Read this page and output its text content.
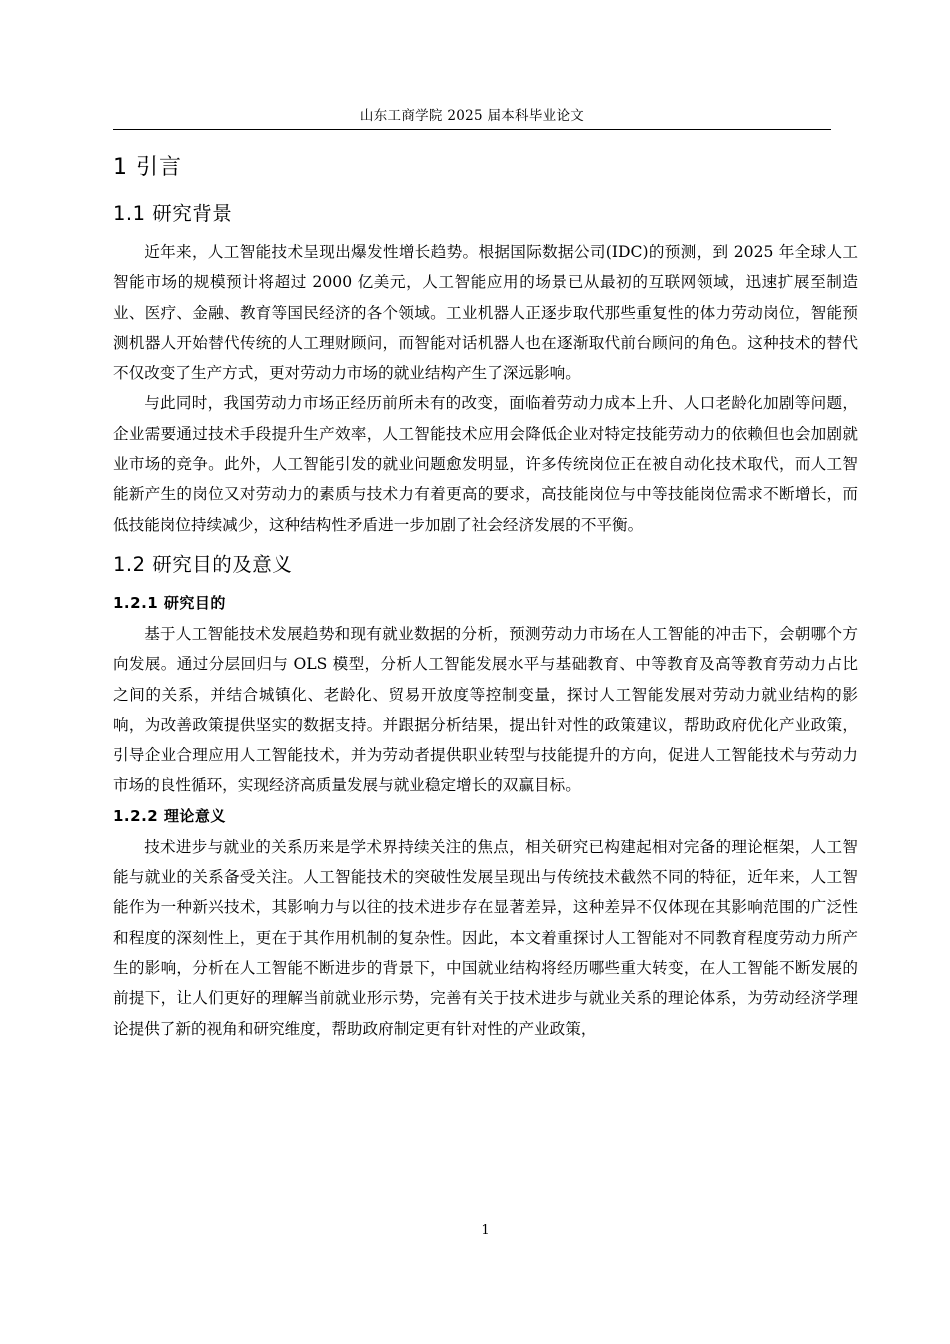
山东工商学院 2025 届本科毕业论文
1 引言
1.1 研究背景

近年来，人工智能技术呈现出爆发性增长趋势。根据国际数据公司(IDC)的预测，到 2025 年全球人工智能市场的规模预计将超过 2000 亿美元，人工智能应用的场景已从最初的互联网领域，迅速扩展至制造业、医疗、金融、教育等国民经济的各个领域。工业机器人正逐步取代那些重复性的体力劳动岗位，智能预测机器人开始替代传统的人工理财顾问，而智能对话机器人也在逐渐取代前台顾问的角色。这种技术的替代不仅改变了生产方式，更对劳动力市场的就业结构产生了深远影响。

与此同时，我国劳动力市场正经历前所未有的改变，面临着劳动力成本上升、人口老龄化加剧等问题，企业需要通过技术手段提升生产效率，人工智能技术应用会降低企业对特定技能劳动力的依赖但也会加剧就业市场的竞争。此外，人工智能引发的就业问题愈发明显，许多传统岗位正在被自动化技术取代，而人工智能新产生的岗位又对劳动力的素质与技术力有着更高的要求，高技能岗位与中等技能岗位需求不断增长，而低技能岗位持续减少，这种结构性矛盾进一步加剧了社会经济发展的不平衡。

1.2 研究目的及意义
1.2.1 研究目的

基于人工智能技术发展趋势和现有就业数据的分析，预测劳动力市场在人工智能的冲击下，会朝哪个方向发展。通过分层回归与 OLS 模型，分析人工智能发展水平与基础教育、中等教育及高等教育劳动力占比之间的关系，并结合城镇化、老龄化、贸易开放度等控制变量，探讨人工智能发展对劳动力就业结构的影响，为改善政策提供坚实的数据支持。并跟据分析结果，提出针对性的政策建议，帮助政府优化产业政策，引导企业合理应用人工智能技术，并为劳动者提供职业转型与技能提升的方向，促进人工智能技术与劳动力市场的良性循环，实现经济高质量发展与就业稳定增长的双赢目标。

1.2.2 理论意义

技术进步与就业的关系历来是学术界持续关注的焦点，相关研究已构建起相对完备的理论框架，人工智能与就业的关系备受关注。人工智能技术的突破性发展呈现出与传统技术截然不同的特征，近年来，人工智能作为一种新兴技术，其影响力与以往的技术进步存在显著差异，这种差异不仅体现在其影响范围的广泛性和程度的深刻性上，更在于其作用机制的复杂性。因此，本文着重探讨人工智能对不同教育程度劳动力所产生的影响，分析在人工智能不断进步的背景下，中国就业结构将经历哪些重大转变，在人工智能不断发展的前提下，让人们更好的理解当前就业形示势，完善有关于技术进步与就业关系的理论体系，为劳动经济学理论提供了新的视角和研究维度，帮助政府制定更有针对性的产业政策，

1
